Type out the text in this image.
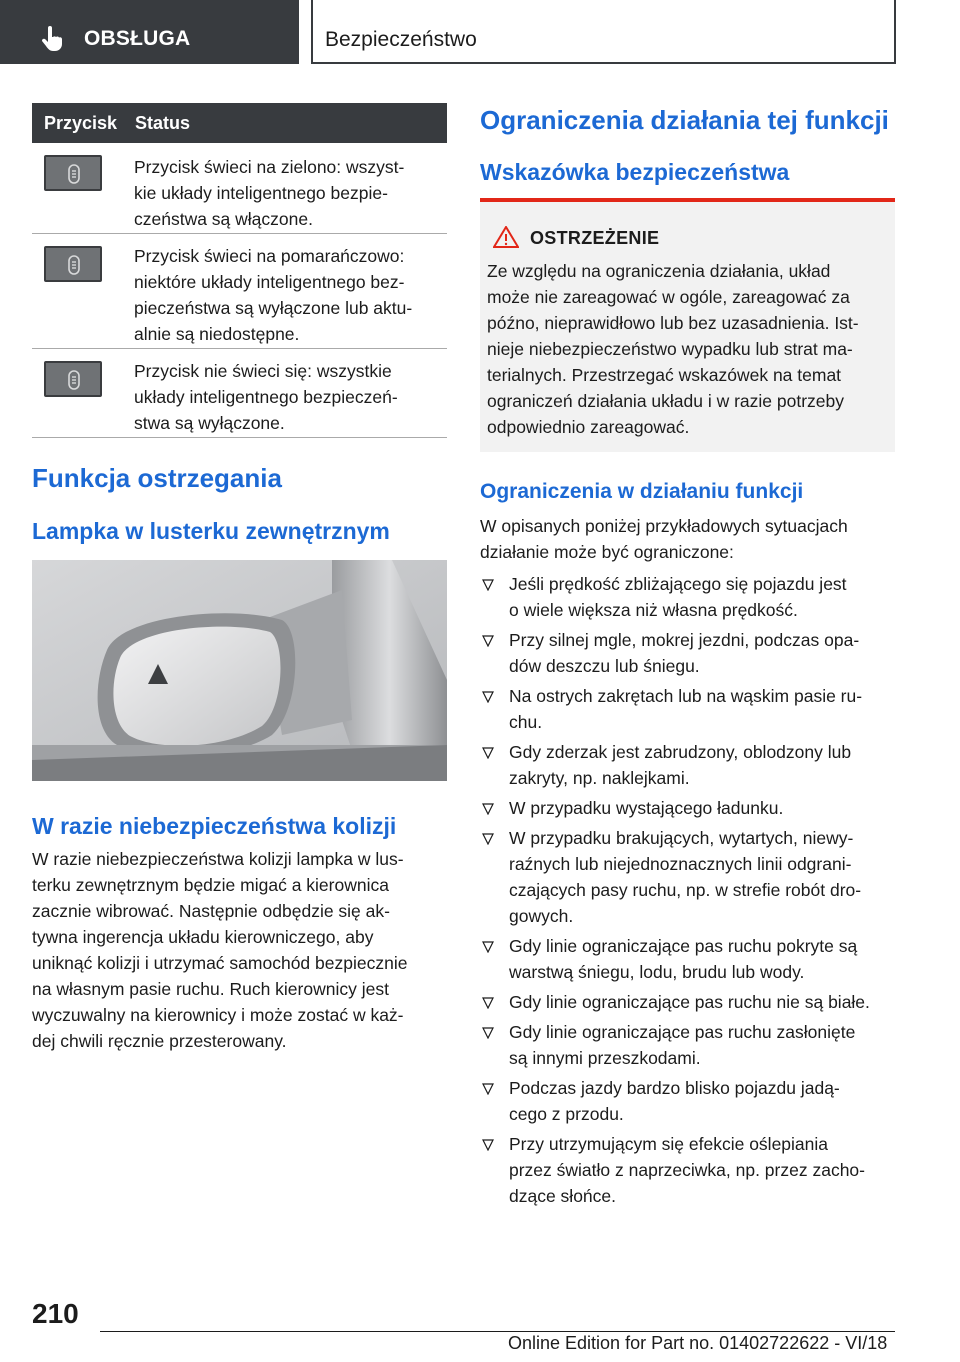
OBSŁUGA	Bezpieczeństwo
Przycisk Status
Przycisk świeci na zielono: wszyst-
kie układy inteligentnego bezpie-
czeństwa są włączone.
Przycisk świeci na pomarańczowo:
niektóre układy inteligentnego bez-
pieczeństwa są wyłączone lub aktu-
alnie są niedostępne.
Przycisk nie świeci się: wszystkie
układy inteligentnego bezpieczeń-
stwa są wyłączone.
Funkcja ostrzegania
Lampka w lusterku zewnętrznym
W razie niebezpieczeństwa kolizji
W razie niebezpieczeństwa kolizji lampka w lus-
terku zewnętrznym będzie migać a kierownica
zacznie wibrować. Następnie odbędzie się ak-
tywna ingerencja układu kierowniczego, aby
uniknąć kolizji i utrzymać samochód bezpiecznie
na własnym pasie ruchu. Ruch kierownicy jest
wyczuwalny na kierownicy i może zostać w każ-
dej chwili ręcznie przesterowany.
Ograniczenia działania tej funkcji
Wskazówka bezpieczeństwa
OSTRZEŻENIE
Ze względu na ograniczenia działania, układ
może nie zareagować w ogóle, zareagować za
późno, nieprawidłowo lub bez uzasadnienia. Ist-
nieje niebezpieczeństwo wypadku lub strat ma-
terialnych. Przestrzegać wskazówek na temat
ograniczeń działania układu i w razie potrzeby
odpowiednio zareagować.
Ograniczenia w działaniu funkcji
W opisanych poniżej przykładowych sytuacjach
działanie może być ograniczone:
Jeśli prędkość zbliżającego się pojazdu jest
o wiele większa niż własna prędkość.
Przy silnej mgle, mokrej jezdni, podczas opa-
dów deszczu lub śniegu.
Na ostrych zakrętach lub na wąskim pasie ru-
chu.
Gdy zderzak jest zabrudzony, oblodzony lub
zakryty, np. naklejkami.
W przypadku wystającego ładunku.
W przypadku brakujących, wytartych, niewy-
raźnych lub niejednoznacznych linii odgrani-
czających pasy ruchu, np. w strefie robót dro-
gowych.
Gdy linie ograniczające pas ruchu pokryte są
warstwą śniegu, lodu, brudu lub wody.
Gdy linie ograniczające pas ruchu nie są białe.
Gdy linie ograniczające pas ruchu zasłonięte
są innymi przeszkodami.
Podczas jazdy bardzo blisko pojazdu jadą-
cego z przodu.
Przy utrzymującym się efekcie oślepiania
przez światło z naprzeciwka, np. przez zacho-
dzące słońce.
210
Online Edition for Part no. 01402722622 - VI/18
